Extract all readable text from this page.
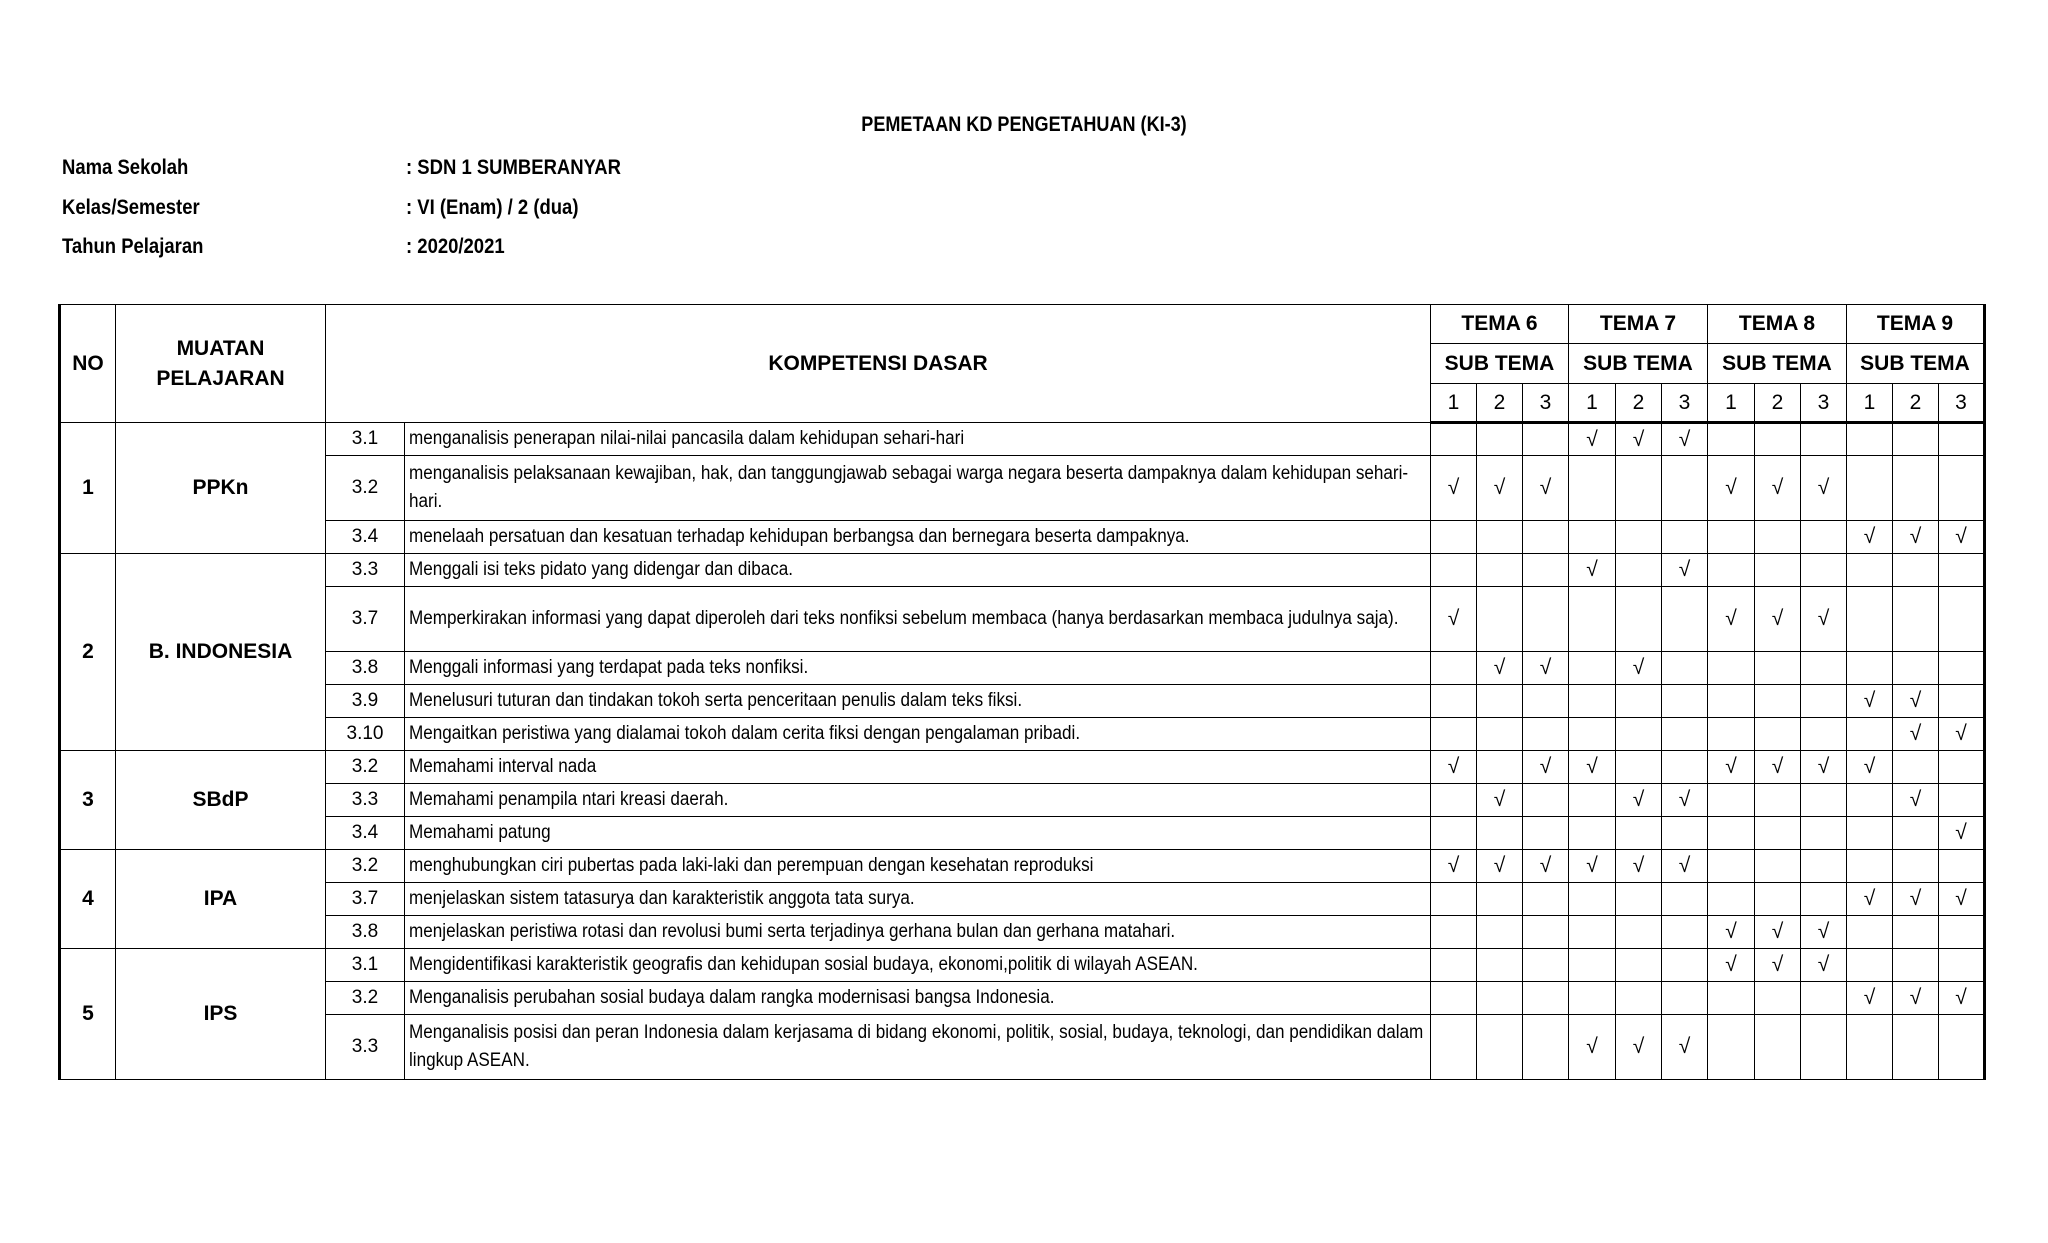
PEMETAAN KD PENGETAHUAN (KI-3)
Nama Sekolah	: SDN 1 SUMBERANYAR
Kelas/Semester	: VI (Enam) / 2 (dua)
Tahun Pelajaran	: 2020/2021
NO	MUATAN PELAJARAN	KOMPETENSI DASAR		TEMA 6			TEMA 7			TEMA 8			TEMA 9		
				SUB TEMA			SUB TEMA			SUB TEMA			SUB TEMA		
				1	2	3	1	2	3	1	2	3	1	2	3
1	PPKn	3.1	menganalisis penerapan nilai-nilai pancasila dalam kehidupan sehari-hari				√	√	√						
		3.2	menganalisis pelaksanaan kewajiban, hak, dan tanggungjawab sebagai warga negara beserta dampaknya dalam kehidupan sehari-hari.	√	√	√				√	√	√			
		3.4	menelaah persatuan dan kesatuan terhadap kehidupan berbangsa dan bernegara beserta dampaknya.										√	√	√
2	B. INDONESIA	3.3	Menggali isi teks pidato yang didengar dan dibaca.				√		√						
		3.7	Memperkirakan informasi yang dapat diperoleh dari teks nonfiksi sebelum membaca (hanya berdasarkan membaca judulnya saja).	√						√	√	√			
		3.8	Menggali informasi yang terdapat pada teks nonfiksi.		√	√		√							
		3.9	Menelusuri tuturan dan tindakan tokoh serta penceritaan penulis dalam teks fiksi.										√	√	
		3.10	Mengaitkan peristiwa yang dialamai tokoh dalam cerita fiksi dengan pengalaman pribadi.											√	√
3	SBdP	3.2	Memahami interval nada	√		√	√			√	√	√	√		
		3.3	Memahami penampila ntari kreasi daerah.		√			√	√					√	
		3.4	Memahami patung												√
4	IPA	3.2	menghubungkan ciri pubertas pada laki-laki dan perempuan dengan kesehatan reproduksi	√	√	√	√	√	√						
		3.7	menjelaskan sistem tatasurya dan karakteristik anggota tata surya.										√	√	√
		3.8	menjelaskan peristiwa rotasi dan revolusi bumi serta terjadinya gerhana bulan dan gerhana matahari.							√	√	√			
5	IPS	3.1	Mengidentifikasi karakteristik geografis dan kehidupan sosial budaya, ekonomi,politik di wilayah ASEAN.							√	√	√			
		3.2	Menganalisis perubahan sosial budaya dalam rangka modernisasi bangsa Indonesia.										√	√	√
		3.3	Menganalisis posisi dan peran Indonesia dalam kerjasama di bidang ekonomi, politik, sosial, budaya, teknologi, dan pendidikan dalam lingkup ASEAN.				√	√	√						
